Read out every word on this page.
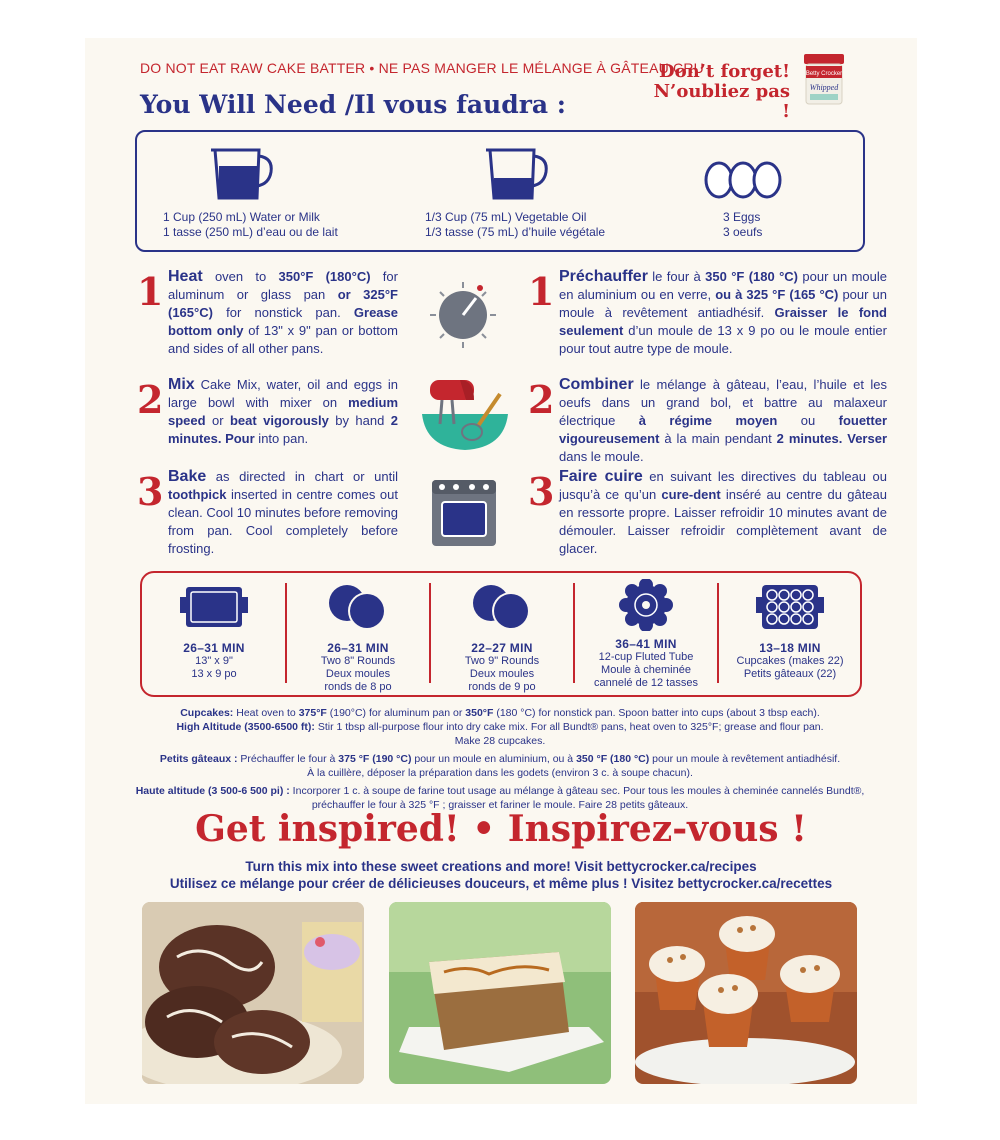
DO NOT EAT RAW CAKE BATTER • NE PAS MANGER LE MÉLANGE À GÂTEAU CRU
Don’t forget!
N’oubliez pas !
Betty Crocker
Whipped
You Will Need /Il vous faudra :
1 Cup (250 mL) Water or Milk
1 tasse (250 mL) d’eau ou de lait
1/3 Cup (75 mL) Vegetable Oil
1/3 tasse (75 mL) d’huile végétale
3 Eggs
3 oeufs
1 Heat oven to 350°F (180°C) for aluminum or glass pan or 325°F (165°C) for nonstick pan. Grease bottom only of 13" x 9" pan or bottom and sides of all other pans.
2 Mix Cake Mix, water, oil and eggs in large bowl with mixer on medium speed or beat vigorously by hand 2 minutes. Pour into pan.
3 Bake as directed in chart or until toothpick inserted in centre comes out clean. Cool 10 minutes before removing from pan. Cool completely before frosting.
1 Préchauffer le four à 350 °F (180 °C) pour un moule en aluminium ou en verre, ou à 325 °F (165 °C) pour un moule à revêtement antiadhésif. Graisser le fond seulement d’un moule de 13 x 9 po ou le moule entier pour tout autre type de moule.
2 Combiner le mélange à gâteau, l’eau, l’huile et les oeufs dans un grand bol, et battre au malaxeur électrique à régime moyen ou fouetter vigoureusement à la main pendant 2 minutes. Verser dans le moule.
3 Faire cuire en suivant les directives du tableau ou jusqu’à ce qu’un cure-dent inséré au centre du gâteau en ressorte propre. Laisser refroidir 10 minutes avant de démouler. Laisser refroidir complètement avant de glacer.
26–31 MIN
13" x 9"
13 x 9 po
26–31 MIN
Two 8" Rounds
Deux moules
ronds de 8 po
22–27 MIN
Two 9" Rounds
Deux moules
ronds de 9 po
36–41 MIN
12-cup Fluted Tube
Moule à cheminée
cannelé de 12 tasses
13–18 MIN
Cupcakes (makes 22)
Petits gâteaux (22)
Cupcakes: Heat oven to 375°F (190°C) for aluminum pan or 350°F (180 °C) for nonstick pan. Spoon batter into cups (about 3 tbsp each).
High Altitude (3500-6500 ft): Stir 1 tbsp all-purpose flour into dry cake mix. For all Bundt® pans, heat oven to 325°F; grease and flour pan.
Make 28 cupcakes.
Petits gâteaux : Préchauffer le four à 375 °F (190 °C) pour un moule en aluminium, ou à 350 °F (180 °C) pour un moule à revêtement antiadhésif.
À la cuillère, déposer la préparation dans les godets (environ 3 c. à soupe chacun).
Haute altitude (3 500-6 500 pi) : Incorporer 1 c. à soupe de farine tout usage au mélange à gâteau sec. Pour tous les moules à cheminée cannelés Bundt®,
préchauffer le four à 325 °F ; graisser et fariner le moule. Faire 28 petits gâteaux.
Get inspired! • Inspirez-vous !
Turn this mix into these sweet creations and more! Visit bettycrocker.ca/recipes
Utilisez ce mélange pour créer de délicieuses douceurs, et même plus ! Visitez bettycrocker.ca/recettes
